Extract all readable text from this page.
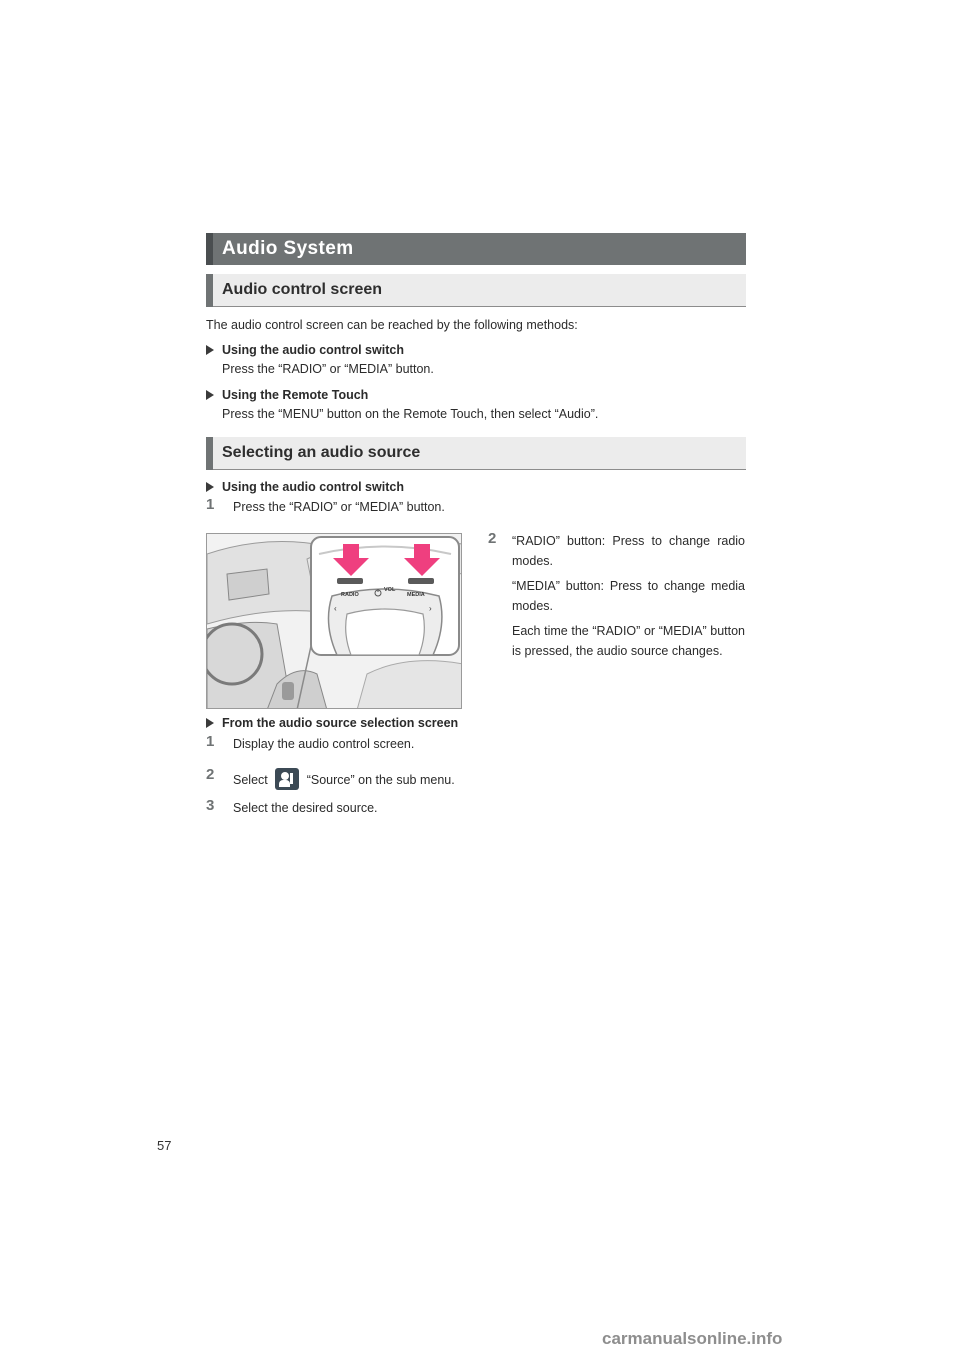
Audio System
Audio control screen
The audio control screen can be reached by the following methods:
Using the audio control switch
Press the “RADIO” or “MEDIA” button.
Using the Remote Touch
Press the “MENU” button on the Remote Touch, then select “Audio”.
Selecting an audio source
Using the audio control switch
1 Press the “RADIO” or “MEDIA” button.
RADIO
VOL
MEDIA
‹	›
2 “RADIO” button: Press to change radio modes.
“MEDIA” button: Press to change media modes.
Each time the “RADIO” or “MEDIA” button is pressed, the audio source changes.
From the audio source selection screen
1 Display the audio control screen.
2 Select	“Source” on the sub menu.
3 Select the desired source.
57
carmanualsonline.info
